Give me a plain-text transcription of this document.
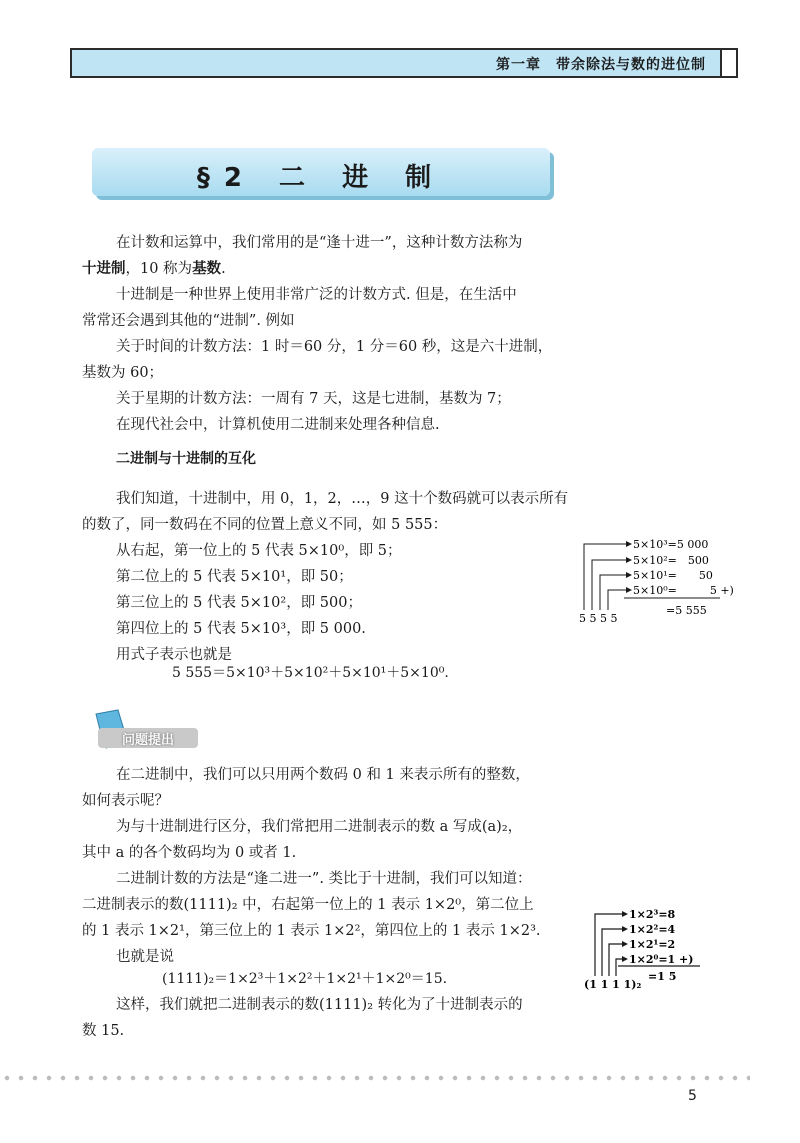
第一章　带余除法与数的进位制
§2 二 进 制
在计数和运算中，我们常用的是“逢十进一”，这种计数方法称为
十进制，10 称为基数.
十进制是一种世界上使用非常广泛的计数方式. 但是，在生活中
常常还会遇到其他的“进制”. 例如
关于时间的计数方法：1 时＝60 分，1 分＝60 秒，这是六十进制，
基数为 60；
关于星期的计数方法：一周有 7 天，这是七进制，基数为 7；
在现代社会中，计算机使用二进制来处理各种信息.
二进制与十进制的互化
我们知道，十进制中，用 0，1，2，…，9 这十个数码就可以表示所有
的数了，同一数码在不同的位置上意义不同，如 5 555：
从右起，第一位上的 5 代表 5×10⁰，即 5；
第二位上的 5 代表 5×10¹，即 50；
第三位上的 5 代表 5×10²，即 500；
第四位上的 5 代表 5×10³，即 5 000.
用式子表示也就是
5 555＝5×10³＋5×10²＋5×10¹＋5×10⁰.
5×10³=5 000
5×10²=　500
5×10¹=　　50
5×10⁰=　　　5 +)
5 5 5 5
=5 555
问题提出
在二进制中，我们可以只用两个数码 0 和 1 来表示所有的整数，
如何表示呢？
为与十进制进行区分，我们常把用二进制表示的数 a 写成(a)₂，
其中 a 的各个数码均为 0 或者 1.
二进制计数的方法是“逢二进一”. 类比于十进制，我们可以知道：
二进制表示的数(1111)₂ 中，右起第一位上的 1 表示 1×2⁰，第二位上
的 1 表示 1×2¹，第三位上的 1 表示 1×2²，第四位上的 1 表示 1×2³.
也就是说
(1111)₂＝1×2³＋1×2²＋1×2¹＋1×2⁰＝15.
这样，我们就把二进制表示的数(1111)₂ 转化为了十进制表示的
数 15.
1×2³=8
1×2²=4
1×2¹=2
1×2⁰=1 +)
(1 1 1 1)₂
=1 5
5
